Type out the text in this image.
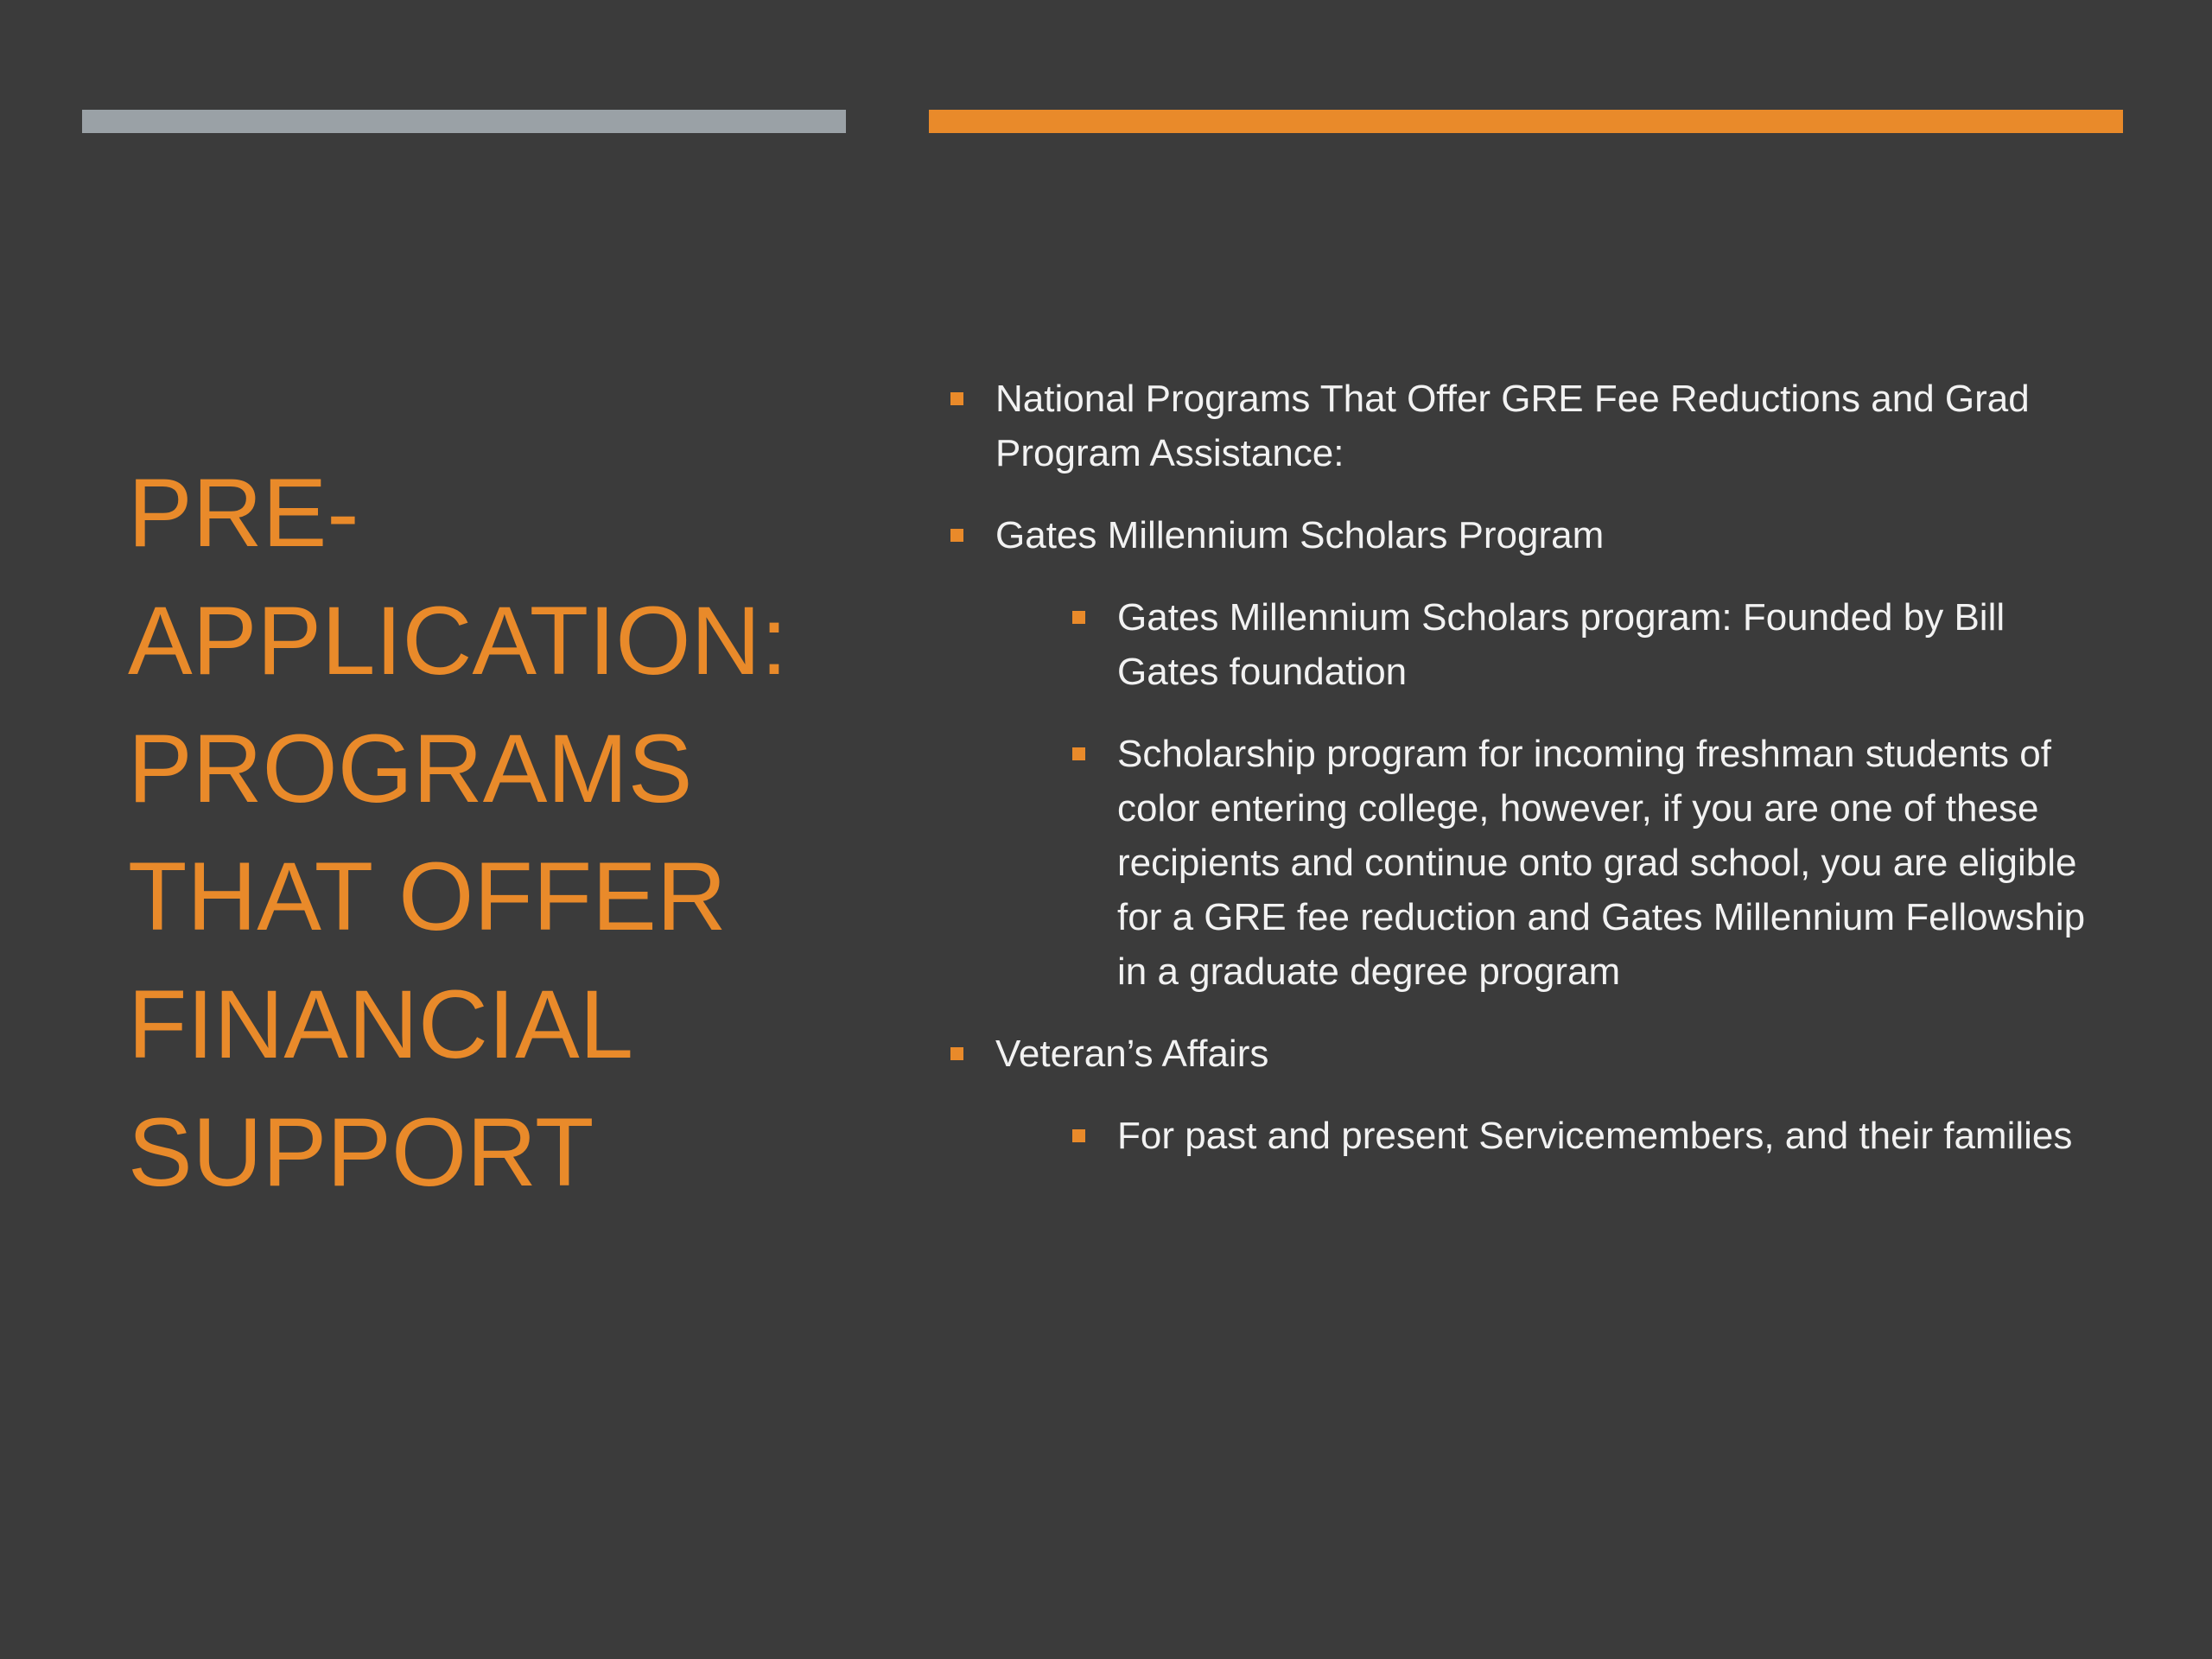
PRE-APPLICATION: PROGRAMS THAT OFFER FINANCIAL SUPPORT
National Programs That Offer GRE Fee Reductions and Grad Program Assistance:
Gates Millennium Scholars Program
Gates Millennium Scholars program: Founded by Bill Gates foundation
Scholarship program for incoming freshman students of color entering college, however, if you are one of these recipients and continue onto grad school, you are eligible for a GRE fee reduction and Gates Millennium Fellowship in a graduate degree program
Veteran’s Affairs
For past and present Servicemembers, and their families
